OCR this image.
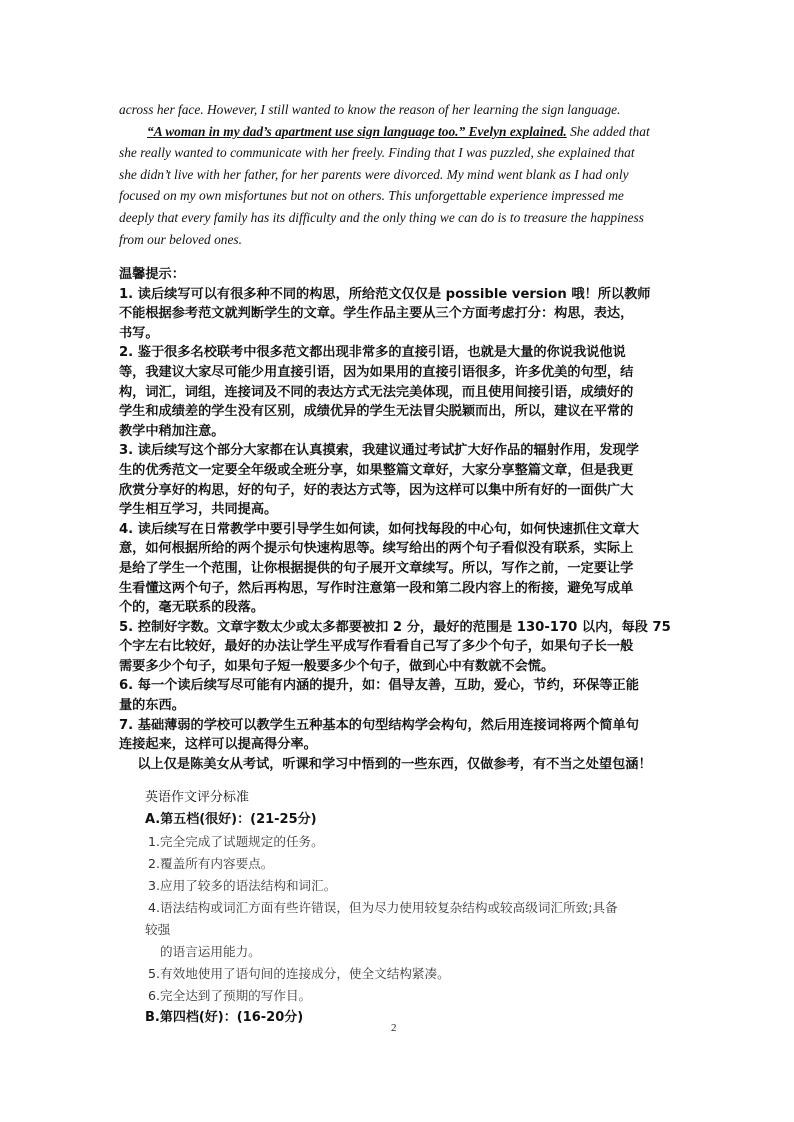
across her face. However, I still wanted to know the reason of her learning the sign language.
“A woman in my dad’s apartment use sign language too.” Evelyn explained. She added that
she really wanted to communicate with her freely. Finding that I was puzzled, she explained that
she didn’t live with her father, for her parents were divorced. My mind went blank as I had only
focused on my own misfortunes but not on others. This unforgettable experience impressed me
deeply that every family has its difficulty and the only thing we can do is to treasure the happiness
from our beloved ones.
温馨提示：
1. 读后续写可以有很多种不同的构思，所给范文仅仅是 possible version 哦！所以教师
不能根据参考范文就判断学生的文章。学生作品主要从三个方面考虑打分：构思，表达，
书写。
2. 鉴于很多名校联考中很多范文都出现非常多的直接引语，也就是大量的你说我说他说
等，我建议大家尽可能少用直接引语，因为如果用的直接引语很多，许多优美的句型，结
构，词汇，词组，连接词及不同的表达方式无法完美体现，而且使用间接引语，成绩好的
学生和成绩差的学生没有区别，成绩优异的学生无法冒尖脱颖而出，所以，建议在平常的
教学中稍加注意。
3. 读后续写这个部分大家都在认真摸索，我建议通过考试扩大好作品的辐射作用，发现学
生的优秀范文一定要全年级或全班分享，如果整篇文章好，大家分享整篇文章，但是我更
欣赏分享好的构思，好的句子，好的表达方式等，因为这样可以集中所有好的一面供广大
学生相互学习，共同提高。
4. 读后续写在日常教学中要引导学生如何读，如何找每段的中心句，如何快速抓住文章大
意，如何根据所给的两个提示句快速构思等。续写给出的两个句子看似没有联系，实际上
是给了学生一个范围，让你根据提供的句子展开文章续写。所以，写作之前，一定要让学
生看懂这两个句子，然后再构思，写作时注意第一段和第二段内容上的衔接，避免写成单
个的，毫无联系的段落。
5. 控制好字数。文章字数太少或太多都要被扣 2 分，最好的范围是 130-170 以内，每段 75
个字左右比较好，最好的办法让学生平成写作看看自己写了多少个句子，如果句子长一般
需要多少个句子，如果句子短一般要多少个句子，做到心中有数就不会慌。
6. 每一个读后续写尽可能有内涵的提升，如：倡导友善，互助，爱心，节约，环保等正能
量的东西。
7. 基础薄弱的学校可以教学生五种基本的句型结构学会构句，然后用连接词将两个简单句
连接起来，这样可以提高得分率。
以上仅是陈美女从考试，听课和学习中悟到的一些东西，仅做参考，有不当之处望包涵！
英语作文评分标准
A.第五档(很好)：(21-25分)
1.完全完成了试题规定的任务。
2.覆盖所有内容要点。
3.应用了较多的语法结构和词汇。
4.语法结构或词汇方面有些许错误，但为尽力使用较复杂结构或较高级词汇所致;具备
较强
的语言运用能力。
5.有效地使用了语句间的连接成分，使全文结构紧凑。
6.完全达到了预期的写作目。
B.第四档(好)：(16-20分)
2
